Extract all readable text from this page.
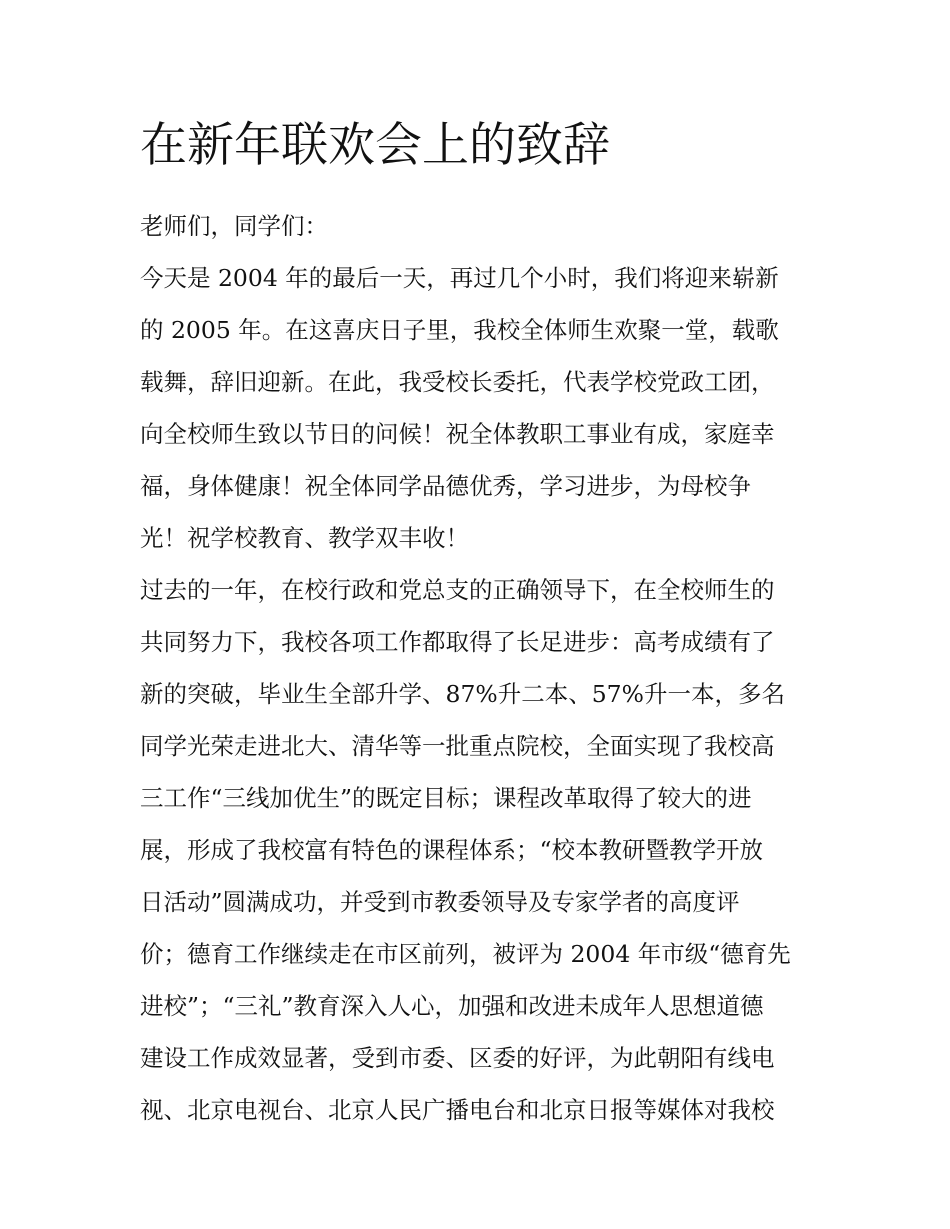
在新年联欢会上的致辞
老师们，同学们：
今天是 2004 年的最后一天，再过几个小时，我们将迎来崭新
的 2005 年。在这喜庆日子里，我校全体师生欢聚一堂，载歌
载舞，辞旧迎新。在此，我受校长委托，代表学校党政工团，
向全校师生致以节日的问候！祝全体教职工事业有成，家庭幸
福，身体健康！祝全体同学品德优秀，学习进步，为母校争
光！祝学校教育、教学双丰收！
过去的一年，在校行政和党总支的正确领导下，在全校师生的
共同努力下，我校各项工作都取得了长足进步：高考成绩有了
新的突破，毕业生全部升学、87%升二本、57%升一本，多名
同学光荣走进北大、清华等一批重点院校，全面实现了我校高
三工作“三线加优生”的既定目标；课程改革取得了较大的进
展，形成了我校富有特色的课程体系；“校本教研暨教学开放
日活动”圆满成功，并受到市教委领导及专家学者的高度评
价；德育工作继续走在市区前列，被评为 2004 年市级“德育先
进校”；“三礼”教育深入人心，加强和改进未成年人思想道德
建设工作成效显著，受到市委、区委的好评，为此朝阳有线电
视、北京电视台、北京人民广播电台和北京日报等媒体对我校
